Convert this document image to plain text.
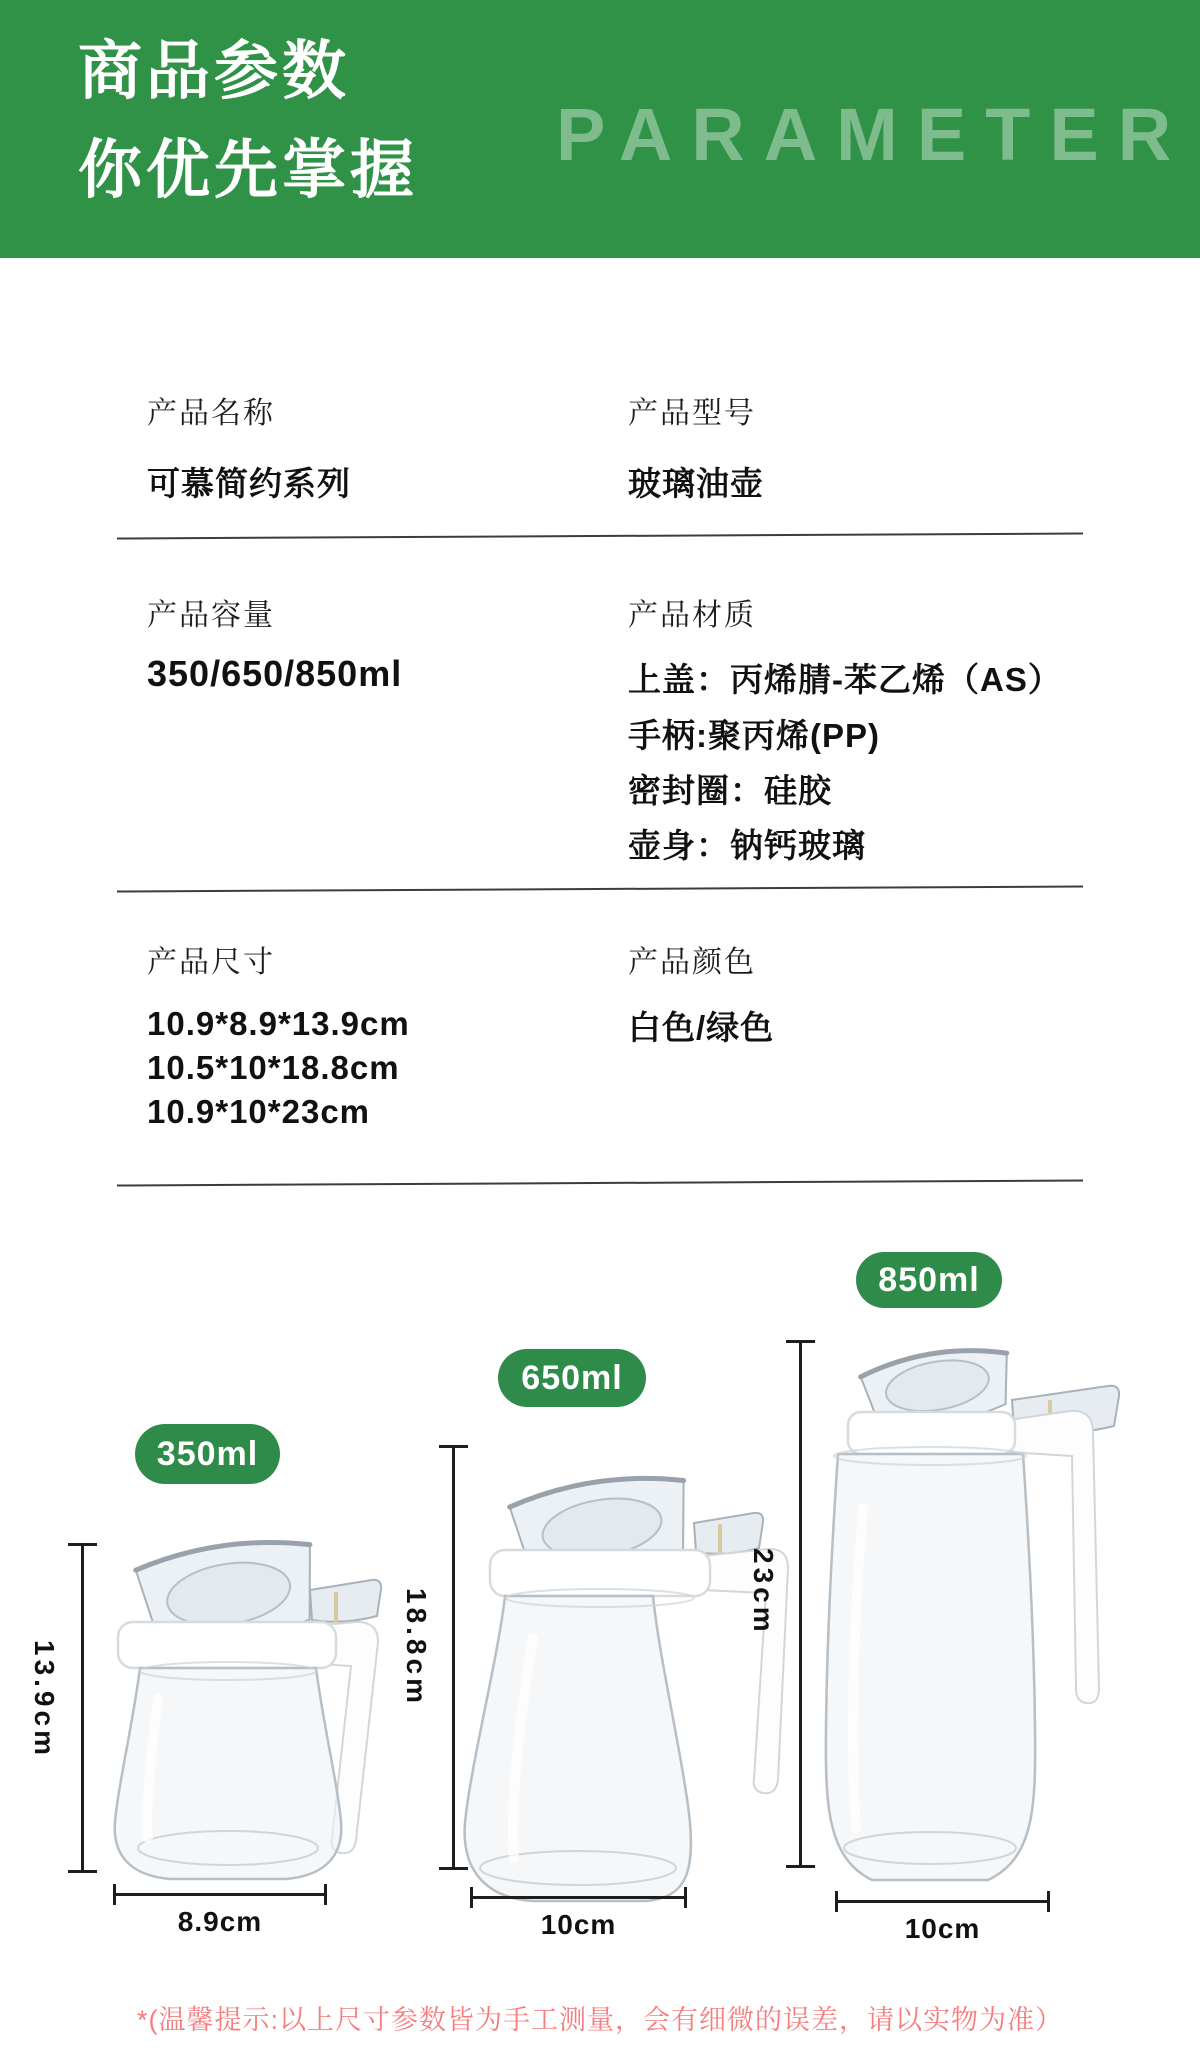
商品参数
你优先掌握 PARAMETER
产品名称
可慕简约系列
产品型号
玻璃油壶
产品容量
350/650/850ml
产品材质
上盖：丙烯腈-苯乙烯（AS）
手柄:聚丙烯(PP)
密封圈：硅胶
壶身：钠钙玻璃
产品尺寸
10.9*8.9*13.9cm
10.5*10*18.8cm
10.9*10*23cm
产品颜色
白色/绿色
350ml
650ml
850ml
13.9cm
8.9cm
18.8cm
10cm
23cm
10cm
*(温馨提示:以上尺寸参数皆为手工测量，会有细微的误差，请以实物为准）
